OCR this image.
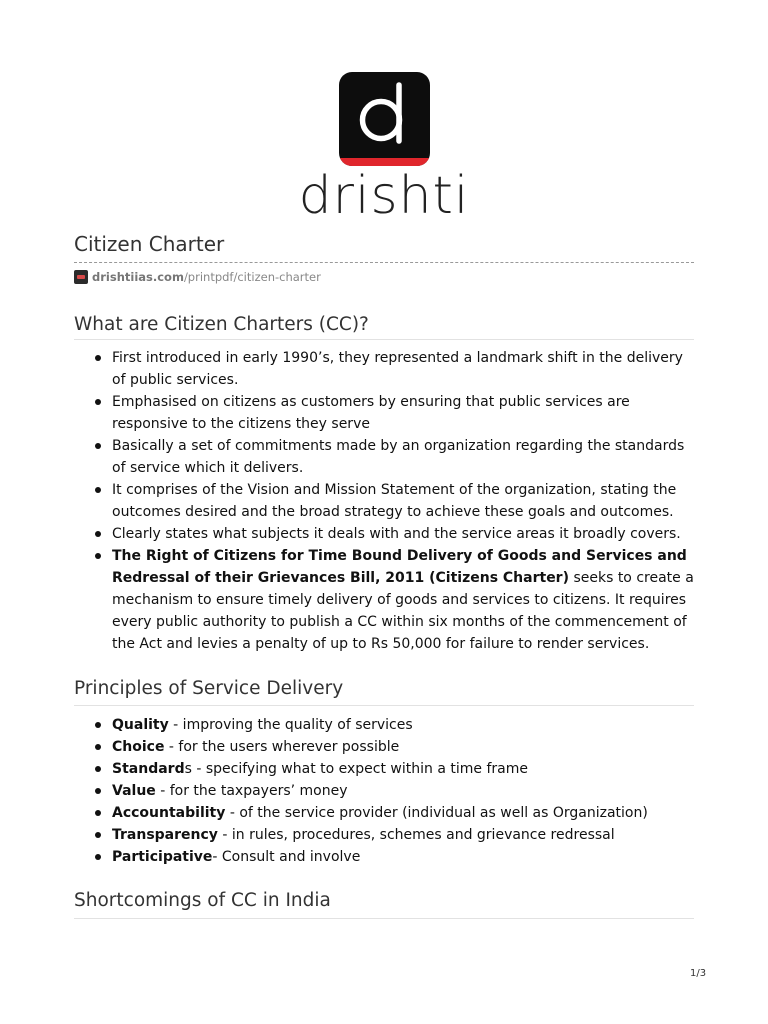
drishti
Citizen Charter
drishtiias.com/printpdf/citizen-charter
What are Citizen Charters (CC)?
First introduced in early 1990’s, they represented a landmark shift in the delivery of public services.
Emphasised on citizens as customers by ensuring that public services are responsive to the citizens they serve
Basically a set of commitments made by an organization regarding the standards of service which it delivers.
It comprises of the Vision and Mission Statement of the organization, stating the outcomes desired and the broad strategy to achieve these goals and outcomes.
Clearly states what subjects it deals with and the service areas it broadly covers.
The Right of Citizens for Time Bound Delivery of Goods and Services and Redressal of their Grievances Bill, 2011 (Citizens Charter) seeks to create a mechanism to ensure timely delivery of goods and services to citizens. It requires every public authority to publish a CC within six months of the commencement of the Act and levies a penalty of up to Rs 50,000 for failure to render services.
Principles of Service Delivery
Quality - improving the quality of services
Choice - for the users wherever possible
Standards - specifying what to expect within a time frame
Value - for the taxpayers’ money
Accountability - of the service provider (individual as well as Organization)
Transparency - in rules, procedures, schemes and grievance redressal
Participative- Consult and involve
Shortcomings of CC in India
1/3
